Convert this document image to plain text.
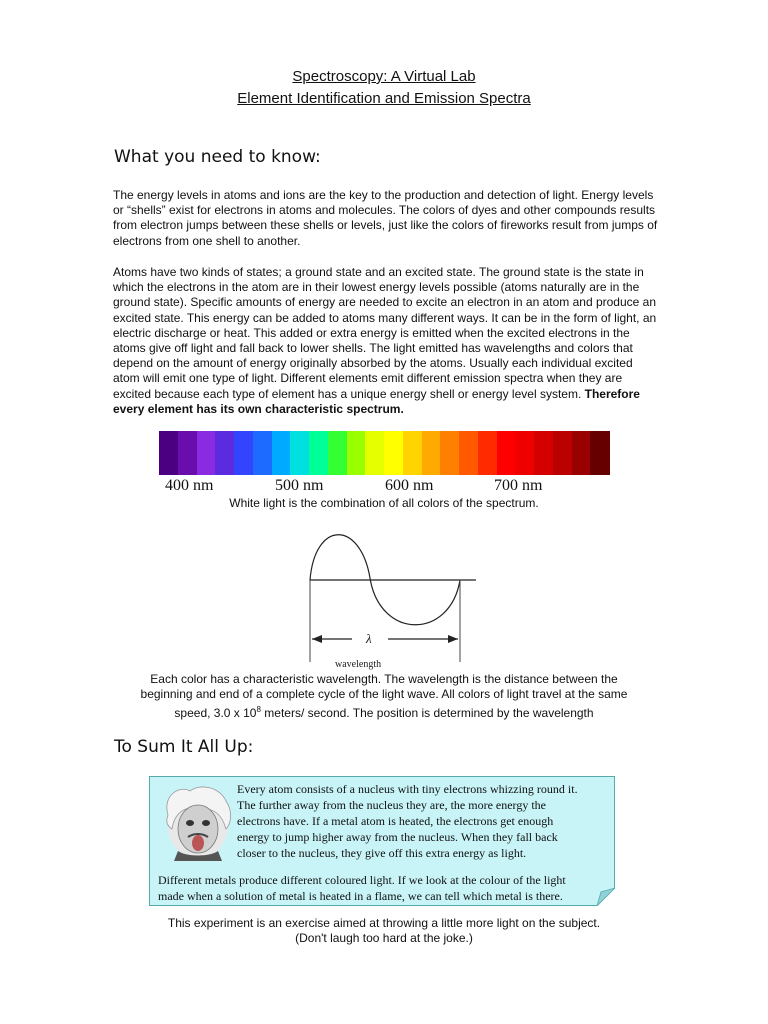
Spectroscopy: A Virtual Lab
Element Identification and Emission Spectra
What you need to know:
The energy levels in atoms and ions are the key to the production and detection of light. Energy levels or “shells” exist for electrons in atoms and molecules. The colors of dyes and other compounds results from electron jumps between these shells or levels, just like the colors of fireworks result from jumps of electrons from one shell to another.
Atoms have two kinds of states; a ground state and an excited state. The ground state is the state in which the electrons in the atom are in their lowest energy levels possible (atoms naturally are in the ground state). Specific amounts of energy are needed to excite an electron in an atom and produce an excited state. This energy can be added to atoms many different ways. It can be in the form of light, an electric discharge or heat. This added or extra energy is emitted when the excited electrons in the atoms give off light and fall back to lower shells. The light emitted has wavelengths and colors that depend on the amount of energy originally absorbed by the atoms. Usually each individual excited atom will emit one type of light. Different elements emit different emission spectra when they are excited because each type of element has a unique energy shell or energy level system. Therefore every element has its own characteristic spectrum.
400 nm	500 nm	600 nm	700 nm
White light is the combination of all colors of the spectrum.
λ
wavelength
Each color has a characteristic wavelength. The wavelength is the distance between the
beginning and end of a complete cycle of the light wave. All colors of light travel at the same
speed, 3.0 x $10^8$ meters/ second. The position is determined by the wavelength
To Sum It All Up:
Every atom consists of a nucleus with tiny electrons whizzing round it.
The further away from the nucleus they are, the more energy the
electrons have. If a metal atom is heated, the electrons get enough
energy to jump higher away from the nucleus. When they fall back
closer to the nucleus, they give off this extra energy as light.
Different metals produce different coloured light. If we look at the colour of the light
made when a solution of metal is heated in a flame, we can tell which metal is there.
This experiment is an exercise aimed at throwing a little more light on the subject.
(Don't laugh too hard at the joke.)
